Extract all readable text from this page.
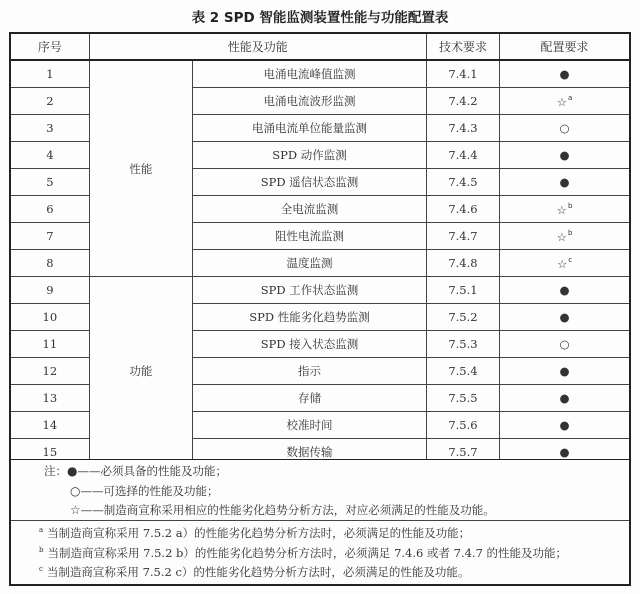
表 2 SPD 智能监测装置性能与功能配置表
序号	性能及功能		技术要求	配置要求
1	性能	电涌电流峰值监测	7.4.1	●
2		电涌电流波形监测	7.4.2	☆$^a$
3		电涌电流单位能量监测	7.4.3	○
4		SPD 动作监测	7.4.4	●
5		SPD 遥信状态监测	7.4.5	●
6		全电流监测	7.4.6	☆$^b$
7		阻性电流监测	7.4.7	☆$^b$
8		温度监测	7.4.8	☆$^c$
9	功能	SPD 工作状态监测	7.5.1	●
10		SPD 性能劣化趋势监测	7.5.2	●
11		SPD 接入状态监测	7.5.3	○
12		指示	7.5.4	●
13		存储	7.5.5	●
14		校准时间	7.5.6	●
15		数据传输	7.5.7	●
注：●——必须具备的性能及功能；
○——可选择的性能及功能；
☆——制造商宣称采用相应的性能劣化趋势分析方法，对应必须满足的性能及功能。
$^a$ 当制造商宣称采用 7.5.2 a）的性能劣化趋势分析方法时，必须满足的性能及功能；
$^b$ 当制造商宣称采用 7.5.2 b）的性能劣化趋势分析方法时，必须满足 7.4.6 或者 7.4.7 的性能及功能；
$^c$ 当制造商宣称采用 7.5.2 c）的性能劣化趋势分析方法时，必须满足的性能及功能。
